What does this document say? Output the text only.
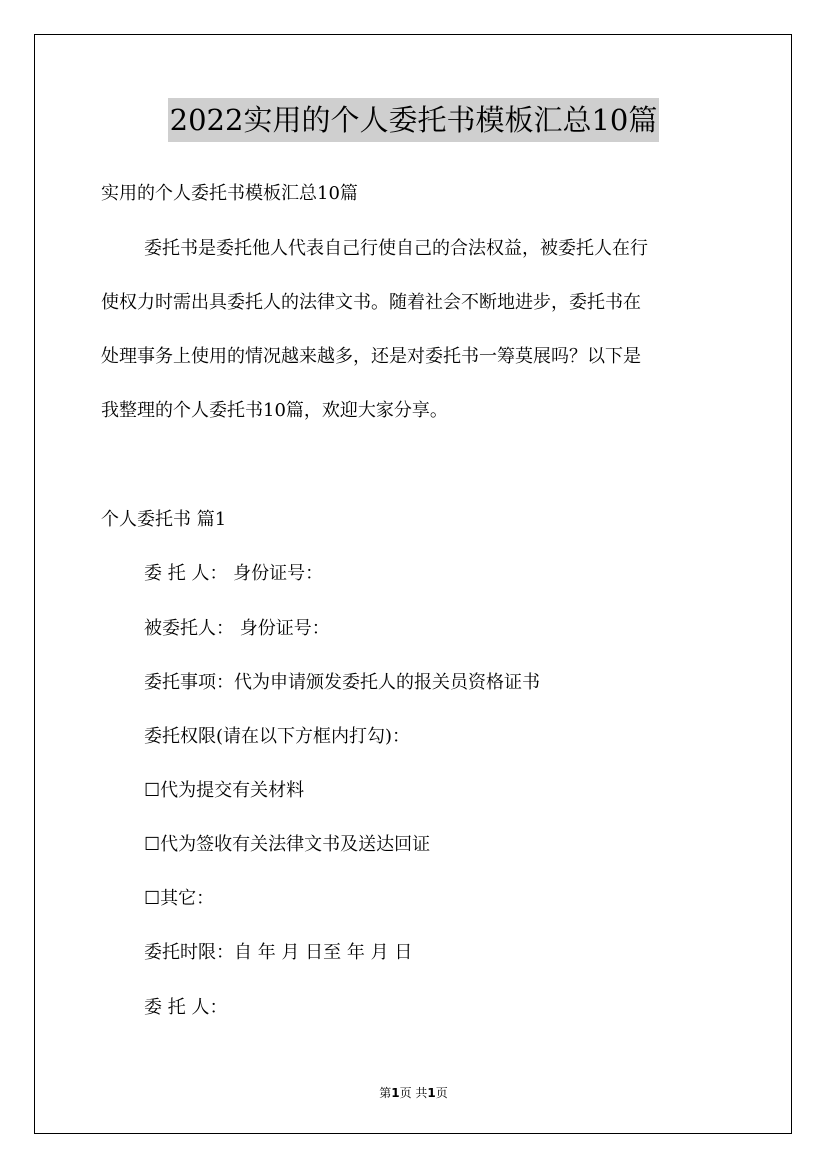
2022实用的个人委托书模板汇总10篇
实用的个人委托书模板汇总10篇
委托书是委托他人代表自己行使自己的合法权益，被委托人在行
使权力时需出具委托人的法律文书。随着社会不断地进步，委托书在
处理事务上使用的情况越来越多，还是对委托书一筹莫展吗？以下是
我整理的个人委托书10篇，欢迎大家分享。
个人委托书 篇1
委 托 人： 身份证号：
被委托人： 身份证号：
委托事项：代为申请颁发委托人的报关员资格证书
委托权限(请在以下方框内打勾)：
☐代为提交有关材料
☐代为签收有关法律文书及送达回证
☐其它：
委托时限：自 年 月 日至 年 月 日
委 托 人：
第1页 共1页
